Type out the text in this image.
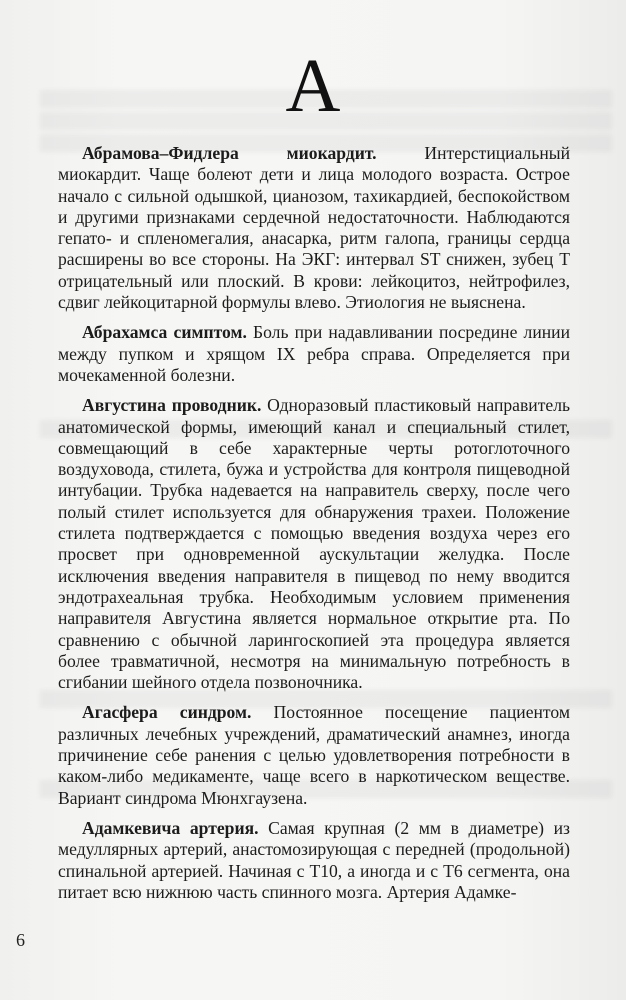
А

Абрамова–Фидлера миокардит. Интерстициальный миокардит. Чаще болеют дети и лица молодого возраста. Острое начало с сильной одышкой, цианозом, тахикардией, беспокойством и другими признаками сердечной недостаточности. Наблюдаются гепато- и спленомегалия, анасарка, ритм галопа, границы сердца расширены во все стороны. На ЭКГ: интервал ST снижен, зубец T отрицательный или плоский. В крови: лейкоцитоз, нейтрофилез, сдвиг лейкоцитарной формулы влево. Этиология не выяснена.

Абрахамса симптом. Боль при надавливании посредине линии между пупком и хрящом IX ребра справа. Определяется при мочекаменной болезни.

Августина проводник. Одноразовый пластиковый направитель анатомической формы, имеющий канал и специальный стилет, совмещающий в себе характерные черты ротоглоточного воздуховода, стилета, бужа и устройства для контроля пищеводной интубации. Трубка надевается на направитель сверху, после чего полый стилет используется для обнаружения трахеи. Положение стилета подтверждается с помощью введения воздуха через его просвет при одновременной аускультации желудка. После исключения введения направителя в пищевод по нему вводится эндотрахеальная трубка. Необходимым условием применения направителя Августина является нормальное открытие рта. По сравнению с обычной ларингоскопией эта процедура является более травматичной, несмотря на минимальную потребность в сгибании шейного отдела позвоночника.

Агасфера синдром. Постоянное посещение пациентом различных лечебных учреждений, драматический анамнез, иногда причинение себе ранения с целью удовлетворения потребности в каком-либо медикаменте, чаще всего в наркотическом веществе. Вариант синдрома Мюнхгаузена.

Адамкевича артерия. Самая крупная (2 мм в диаметре) из медуллярных артерий, анастомозирующая с передней (продольной) спинальной артерией. Начиная с T10, а иногда и с T6 сегмента, она питает всю нижнюю часть спинного мозга. Артерия Адамке-

6
